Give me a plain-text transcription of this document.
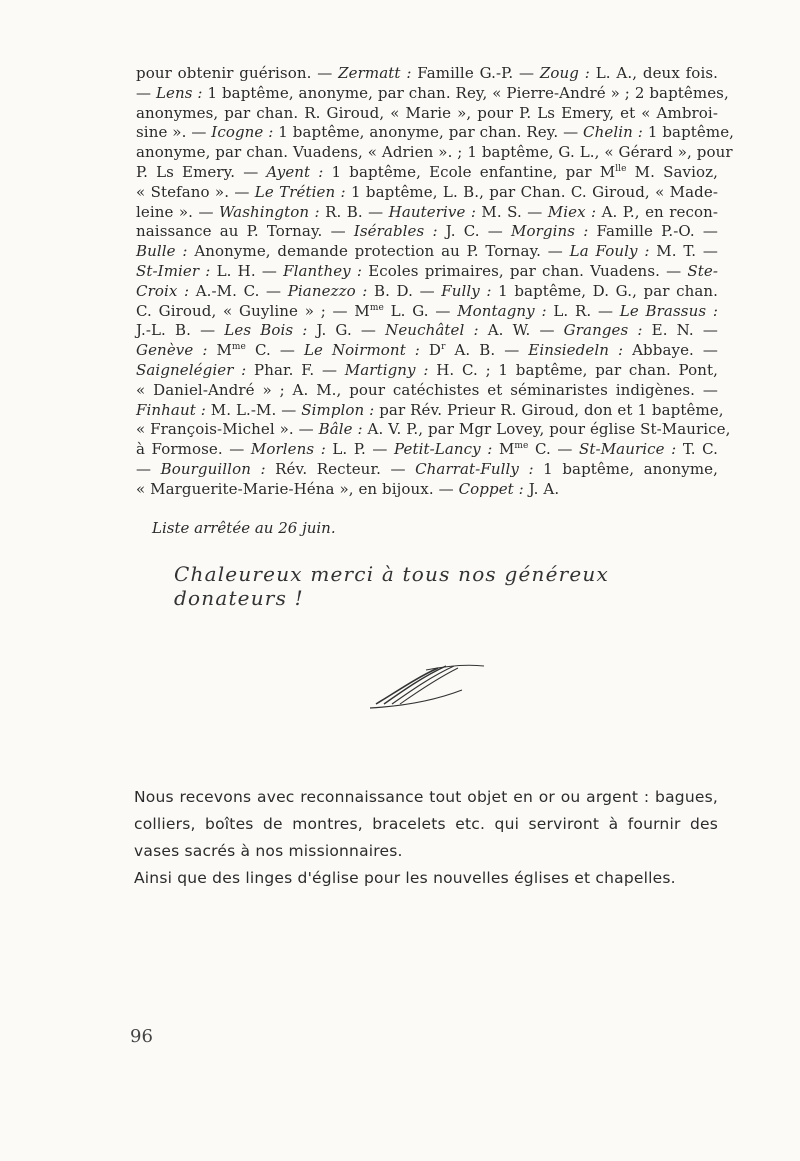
pour obtenir guérison. — Zermatt : Famille G.-P. — Zoug : L. A., deux fois.
— Lens : 1 baptême, anonyme, par chan. Rey, « Pierre-André » ; 2 baptêmes,
anonymes, par chan. R. Giroud, « Marie », pour P. Ls Emery, et « Ambroi-
sine ». — Icogne : 1 baptême, anonyme, par chan. Rey. — Chelin : 1 baptême,
anonyme, par chan. Vuadens, « Adrien ». ; 1 baptême, G. L., « Gérard », pour
P. Ls Emery. — Ayent : 1 baptême, Ecole enfantine, par $M^{lle}$ M. Savioz,
« Stefano ». — Le Trétien : 1 baptême, L. B., par Chan. C. Giroud, « Made-
leine ». — Washington : R. B. — Hauterive : M. S. — Miex : A. P., en recon-
naissance au P. Tornay. — Isérables : J. C. — Morgins : Famille P.-O. —
Bulle : Anonyme, demande protection au P. Tornay. — La Fouly : M. T. —
St-Imier : L. H. — Flanthey : Ecoles primaires, par chan. Vuadens. — Ste-
Croix : A.-M. C. — Pianezzo : B. D. — Fully : 1 baptême, D. G., par chan.
C. Giroud, « Guyline » ; — $M^{me}$ L. G. — Montagny : L. R. — Le Brassus :
J.-L. B. — Les Bois : J. G. — Neuchâtel : A. W. — Granges : E. N. —
Genève : $M^{me}$ C. — Le Noirmont : $D^r$ A. B. — Einsiedeln : Abbaye. —
Saignelégier : Phar. F. — Martigny : H. C. ; 1 baptême, par chan. Pont,
« Daniel-André » ; A. M., pour catéchistes et séminaristes indigènes. —
Finhaut : M. L.-M. — Simplon : par Rév. Prieur R. Giroud, don et 1 baptême,
« François-Michel ». — Bâle : A. V. P., par Mgr Lovey, pour église St-Maurice,
à Formose. — Morlens : L. P. — Petit-Lancy : $M^{me}$ C. — St-Maurice : T. C.
— Bourguillon : Rév. Recteur. — Charrat-Fully : 1 baptême, anonyme,
« Marguerite-Marie-Héna », en bijoux. — Coppet : J. A.
Liste arrêtée au 26 juin.
Chaleureux merci à tous nos généreux donateurs !
Nous recevons avec reconnaissance tout objet en or ou argent : bagues,
colliers, boîtes de montres, bracelets etc. qui serviront à fournir des
vases sacrés à nos missionnaires.
Ainsi que des linges d'église pour les nouvelles églises et chapelles.
96
